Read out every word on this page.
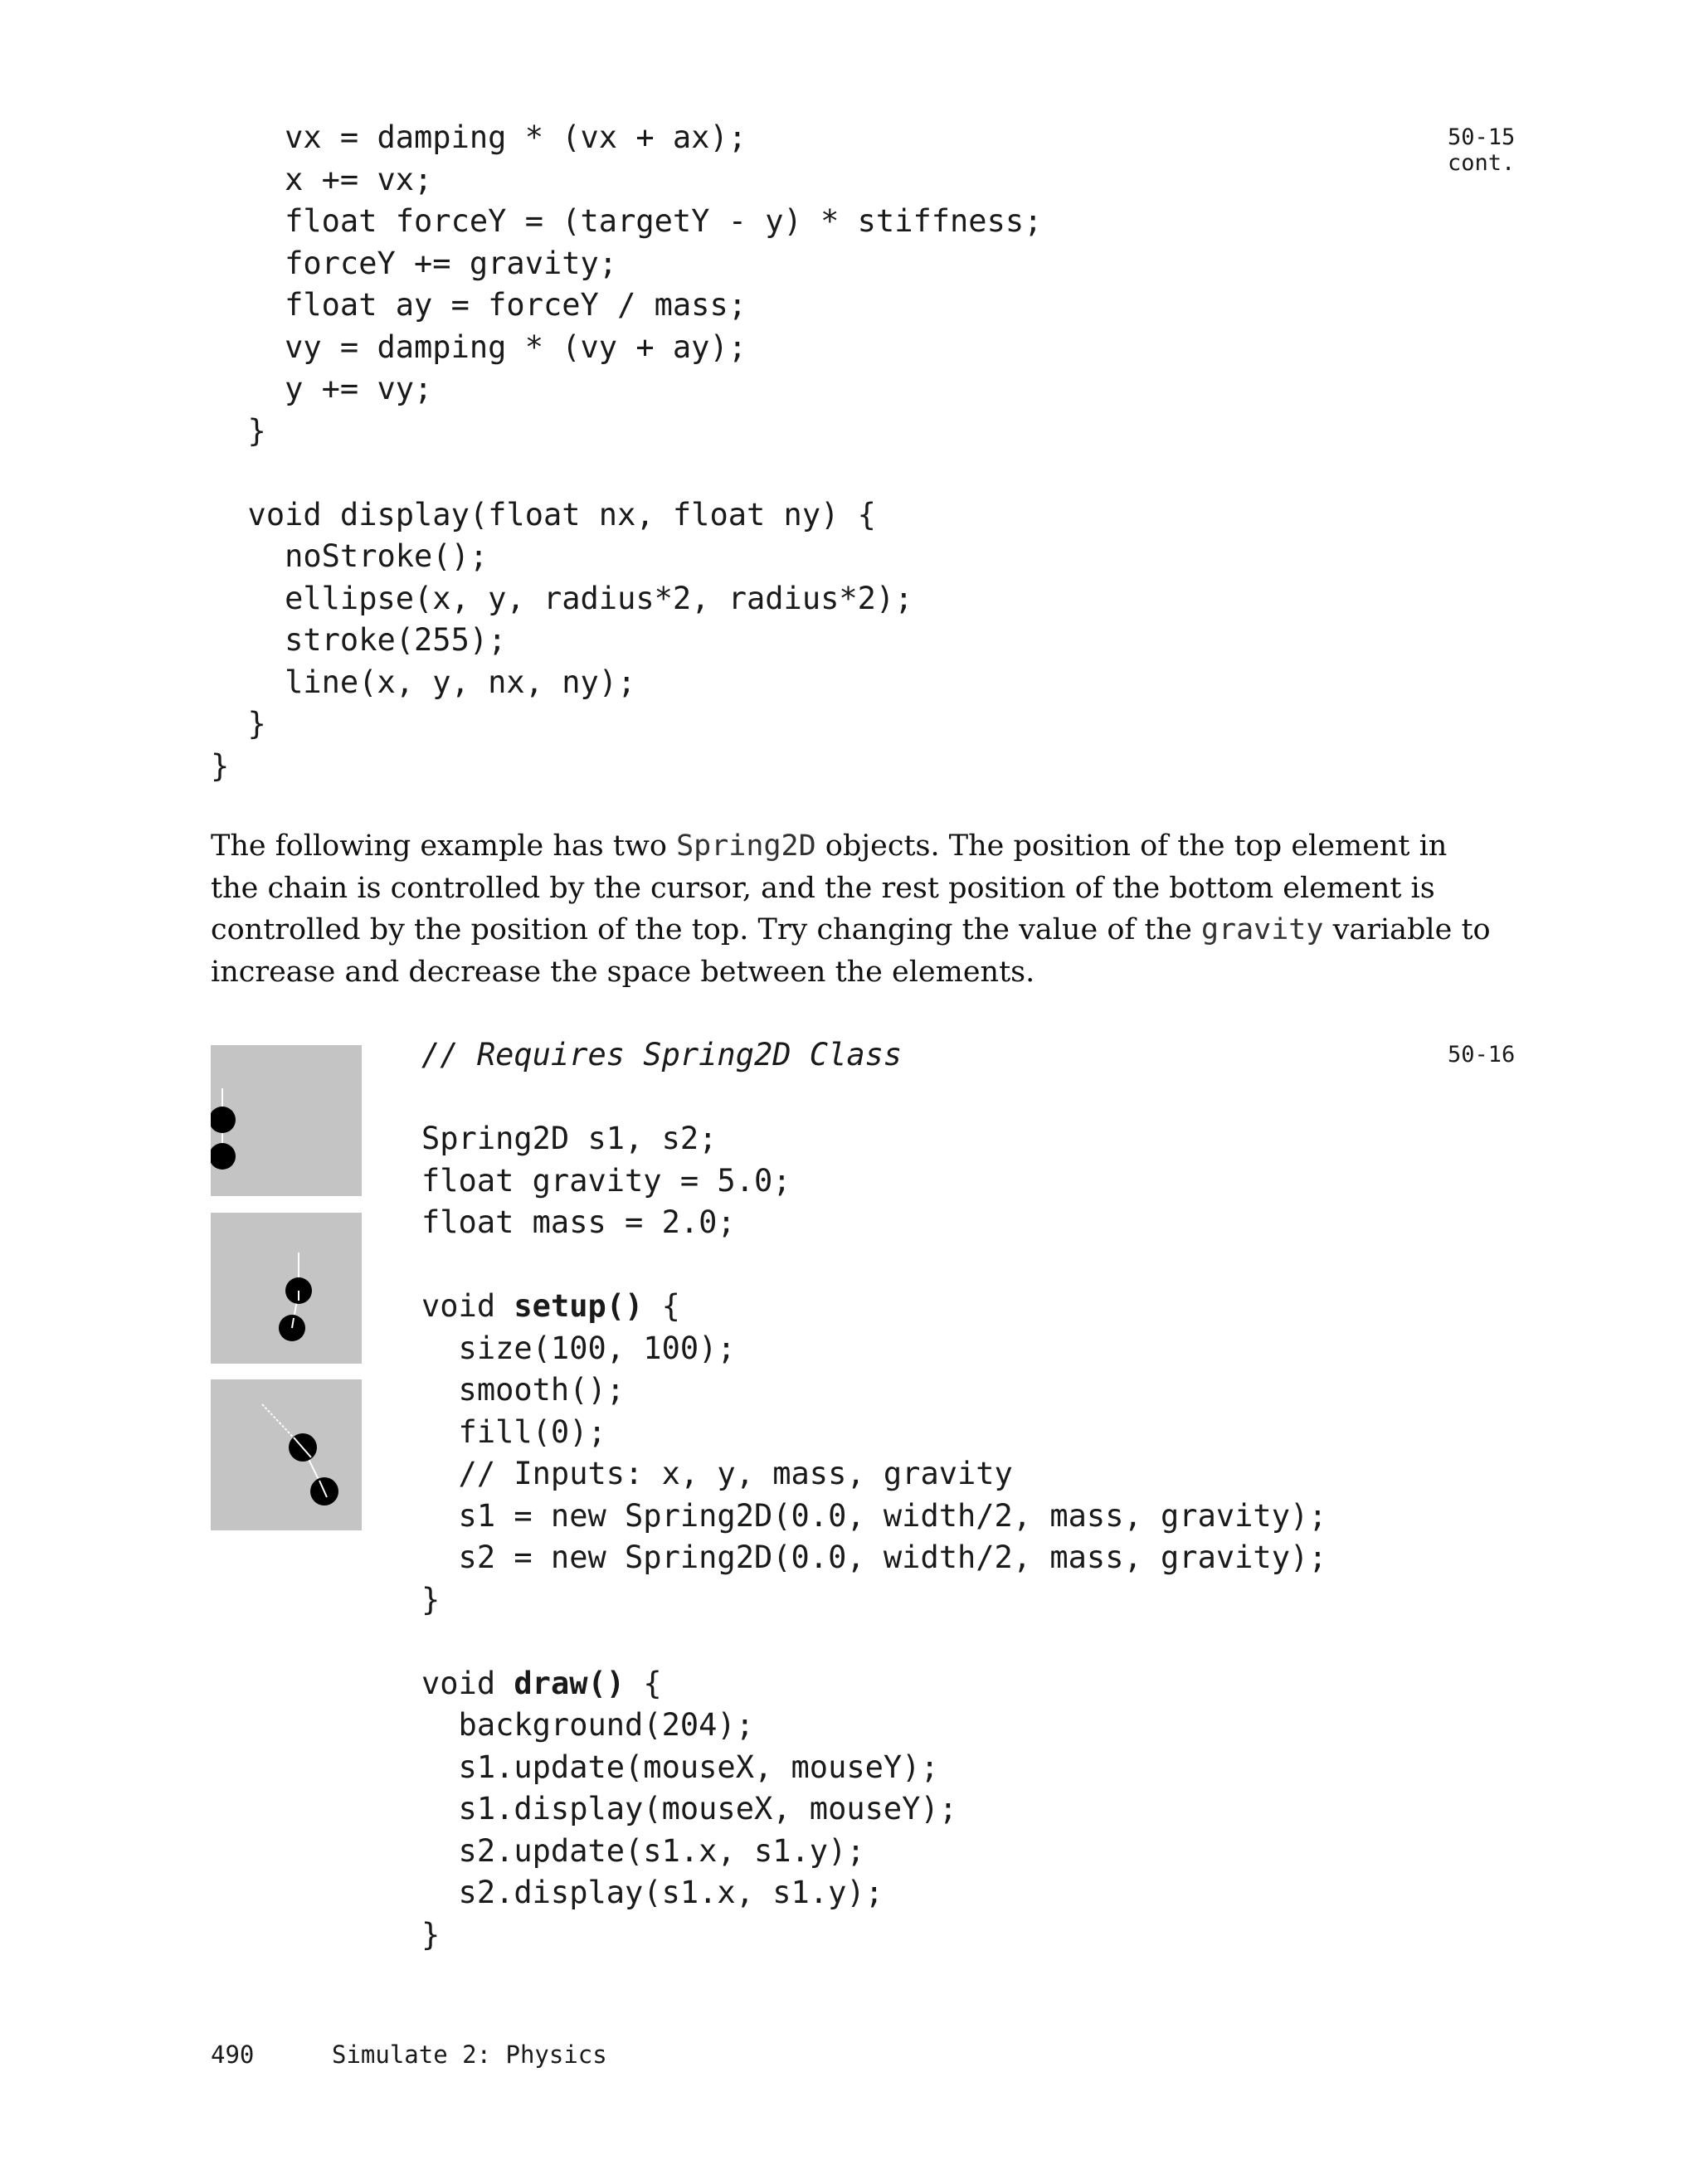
vx = damping * (vx + ax);
x += vx;
float forceY = (targetY - y) * stiffness;
forceY += gravity;
float ay = forceY / mass;
vy = damping * (vy + ay);
y += vy;
}
void display(float nx, float ny) {
noStroke();
ellipse(x, y, radius*2, radius*2);
stroke(255);
line(x, y, nx, ny);
}
}
50-15
cont.
The following example has two Spring2D objects. The position of the top element in
the chain is controlled by the cursor, and the rest position of the bottom element is
controlled by the position of the top. Try changing the value of the gravity variable to
increase and decrease the space between the elements.
// Requires Spring2D Class
Spring2D s1, s2;
float gravity = 5.0;
float mass = 2.0;
void setup() {
size(100, 100);
smooth();
fill(0);
// Inputs: x, y, mass, gravity
s1 = new Spring2D(0.0, width/2, mass, gravity);
s2 = new Spring2D(0.0, width/2, mass, gravity);
}
void draw() {
background(204);
s1.update(mouseX, mouseY);
s1.display(mouseX, mouseY);
s2.update(s1.x, s1.y);
s2.display(s1.x, s1.y);
}
50-16
490	Simulate 2: Physics
